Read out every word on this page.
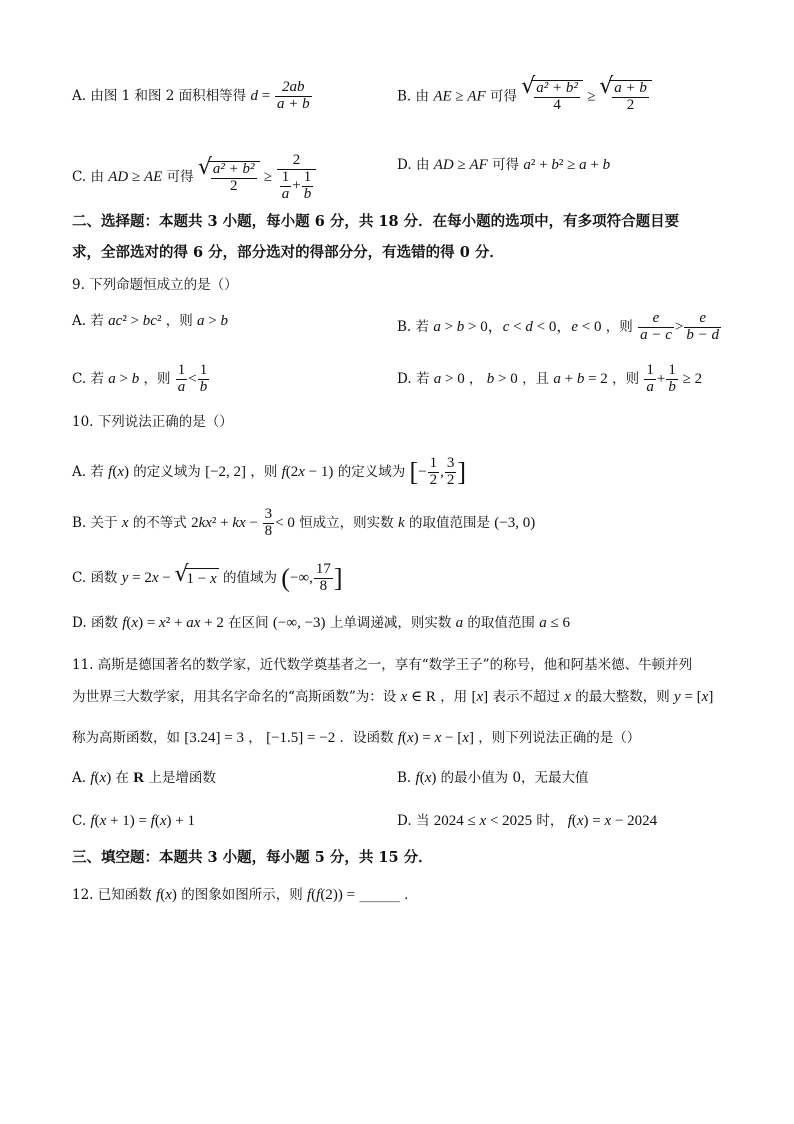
A. 由图 1 和图 2 面积相等得 $d = \frac{2ab}{a + b}$	B. 由 AE ≥ AF 可得 √ $\frac{\text{a² + b²}}{4}$ ≥ √ $\frac{a + b}{2}$
C. 由 AD ≥ AE 可得 √ $\frac{\text{a² + b²}}{2} \ge \frac{2}{\frac{1}{a} + \frac{1}{b}}$	D. 由 AD ≥ AF 可得 a² + b² ≥ a + b
二、选择题：本题共 3 小题，每小题 6 分，共 18 分．在每小题的选项中，有多项符合题目要
求，全部选对的得 6 分，部分选对的得部分分，有选错的得 0 分．
9. 下列命题恒成立的是（）
A. 若 ac² > bc² ，则 a > b	B. 若 a > b > 0，c < d < 0，e < 0 ，则 $\frac{e}{a - c} > \frac{e}{b - d}$
C. 若 a > b ，则 $\frac{1}{a} < \frac{1}{b}$	D. 若 a > 0 ， b > 0 ，且 a + b = 2 ，则 $\frac{1}{a} + \frac{1}{b} \ge 2$
10. 下列说法正确的是（）
A. 若 f(x) 的定义域为 [−2, 2] ，则 f(2x − 1) 的定义域为 [− $\frac{1}{2}$ , $\frac{3}{2}$ ]
B. 关于 x 的不等式 2kx² + kx − $\frac{3}{8} < 0$ 恒成立，则实数 k 的取值范围是 (−3, 0)
C. 函数 y = 2x − √ 1 − x 的值域为 (−∞, $\frac{17}{8}$ ]
D. 函数 f(x) = x² + ax + 2 在区间 (−∞, −3) 上单调递减，则实数 a 的取值范围 a ≤ 6
11. 高斯是德国著名的数学家，近代数学奠基者之一，享有“数学王子”的称号，他和阿基米德、牛顿并列
为世界三大数学家，用其名字命名的“高斯函数”为：设 x ∈ R ，用 [x] 表示不超过 x 的最大整数，则 y = [x]
称为高斯函数，如 [3.24] = 3 ， [−1.5] = −2 ．设函数 f(x) = x − [x] ，则下列说法正确的是（）
A. f(x) 在 R 上是增函数	B. f(x) 的最小值为 0，无最大值
C. f(x + 1) = f(x) + 1	D. 当 2024 ≤ x < 2025 时， f(x) = x − 2024
三、填空题：本题共 3 小题，每小题 5 分，共 15 分．
12. 已知函数 f(x) 的图象如图所示，则 f(f(2)) = ______ ．
